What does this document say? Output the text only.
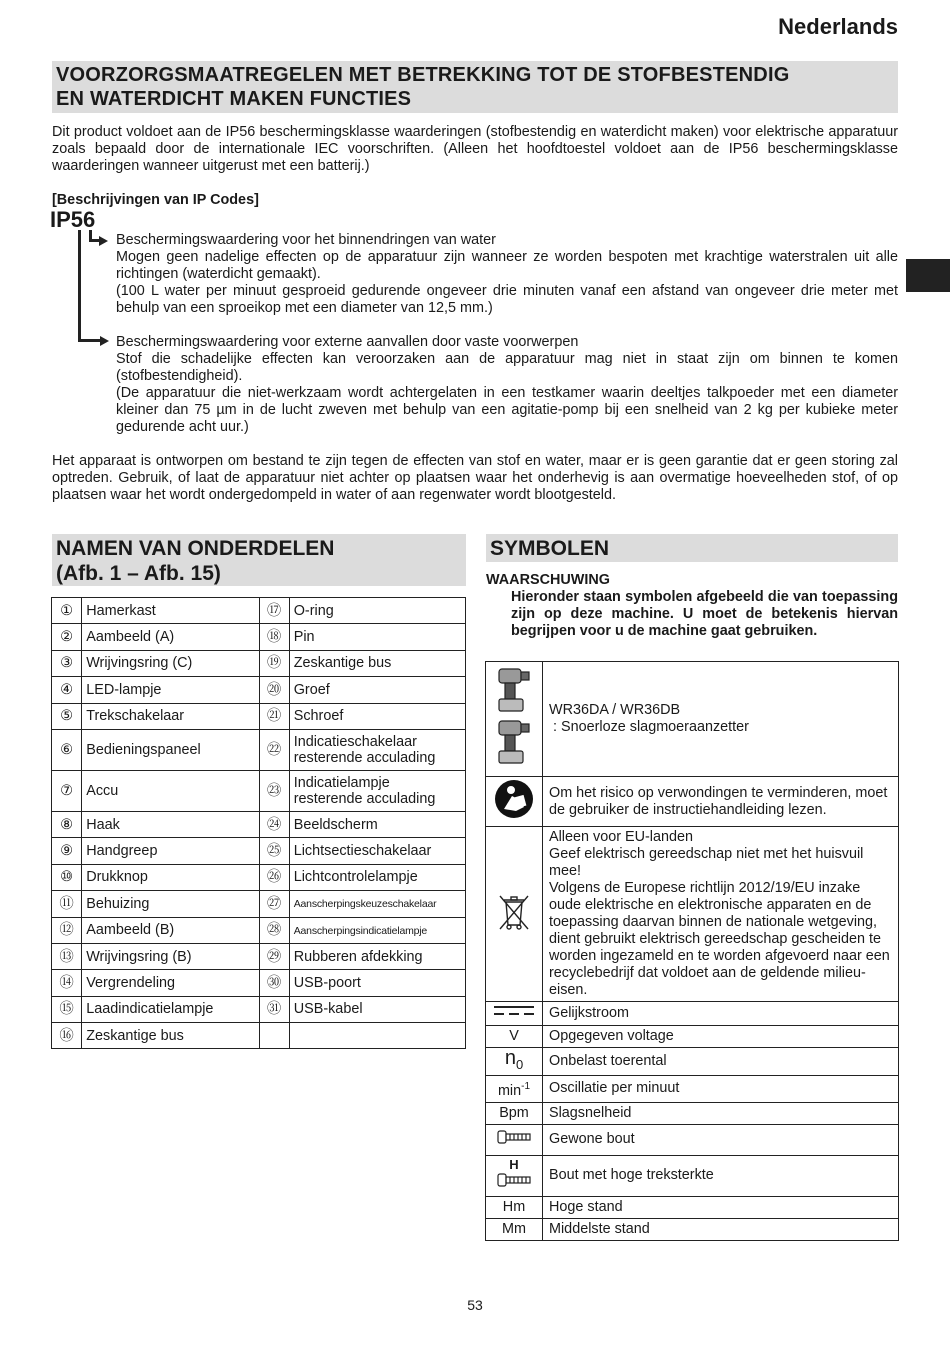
Nederlands
VOORZORGSMAATREGELEN MET BETREKKING TOT DE STOFBESTENDIG
EN WATERDICHT MAKEN FUNCTIES
Dit product voldoet aan de IP56 beschermingsklasse waarderingen (stofbestendig en waterdicht maken) voor elektrische apparatuur zoals bepaald door de internationale IEC voorschriften. (Alleen het hoofdtoestel voldoet aan de IP56 beschermingsklasse waarderingen wanneer uitgerust met een batterij.)
[Beschrijvingen van IP Codes]
IP56
Beschermingswaardering voor het binnendringen van water
Mogen geen nadelige effecten op de apparatuur zijn wanneer ze worden bespoten met krachtige waterstralen uit alle richtingen (waterdicht gemaakt).
(100 L water per minuut gesproeid gedurende ongeveer drie minuten vanaf een afstand van ongeveer drie meter met behulp van een sproeikop met een diameter van 12,5 mm.)
Beschermingswaardering voor externe aanvallen door vaste voorwerpen
Stof die schadelijke effecten kan veroorzaken aan de apparatuur mag niet in staat zijn om binnen te komen (stofbestendigheid).
(De apparatuur die niet-werkzaam wordt achtergelaten in een testkamer waarin deeltjes talkpoeder met een diameter kleiner dan 75 µm in de lucht zweven met behulp van een agitatie-pomp bij een snelheid van 2 kg per kubieke meter gedurende acht uur.)
Het apparaat is ontworpen om bestand te zijn tegen de effecten van stof en water, maar er is geen garantie dat er geen storing zal optreden. Gebruik, of laat de apparatuur niet achter op plaatsen waar het onderhevig is aan overmatige hoeveelheden stof, of op plaatsen waar het wordt ondergedompeld in water of aan regenwater wordt blootgesteld.
NAMEN VAN ONDERDELEN
(Afb. 1 – Afb. 15)
①	Hamerkast	⑰	O-ring
②	Aambeeld (A)	⑱	Pin
③	Wrijvingsring (C)	⑲	Zeskantige bus
④	LED-lampje	⑳	Groef
⑤	Trekschakelaar	㉑	Schroef
⑥	Bedieningspaneel	㉒	Indicatieschakelaar resterende acculading
⑦	Accu	㉓	Indicatielampje resterende acculading
⑧	Haak	㉔	Beeldscherm
⑨	Handgreep	㉕	Lichtsectieschakelaar
⑩	Drukknop	㉖	Lichtcontrolelampje
⑪	Behuizing	㉗	Aanscherpingskeuzeschakelaar
⑫	Aambeeld (B)	㉘	Aanscherpingsindicatielampje
⑬	Wrijvingsring (B)	㉙	Rubberen afdekking
⑭	Vergrendeling	㉚	USB-poort
⑮	Laadindicatielampje	㉛	USB-kabel
⑯	Zeskantige bus		
SYMBOLEN
WAARSCHUWING
Hieronder staan symbolen afgebeeld die van toepassing zijn op deze machine. U moet de betekenis hiervan begrijpen voor u de machine gaat gebruiken.

WR36DA / WR36DB
: Snoerloze slagmoeraanzetter

	Om het risico op verwondingen te verminderen, moet de gebruiker de instructiehandleiding lezen.

Alleen voor EU-landen
Geef elektrisch gereedschap niet met het huisvuil mee!
Volgens de Europese richtlijn 2012/19/EU inzake oude elektrische en elektronische apparaten en de toepassing daarvan binnen de nationale wetgeving, dient gebruikt elektrisch gereedschap gescheiden te worden ingezameld en te worden afgevoerd naar een recyclebedrijf dat voldoet aan de geldende milieu-eisen.

	Gelijkstroom
V	Opgegeven voltage
$n_0$	Onbelast toerental
$\min^{-1}$	Oscillatie per minuut
Bpm	Slagsnelheid
	Gewone bout

H	Bout met hoge treksterkte
Hm	Hoge stand
Mm	Middelste stand
53
